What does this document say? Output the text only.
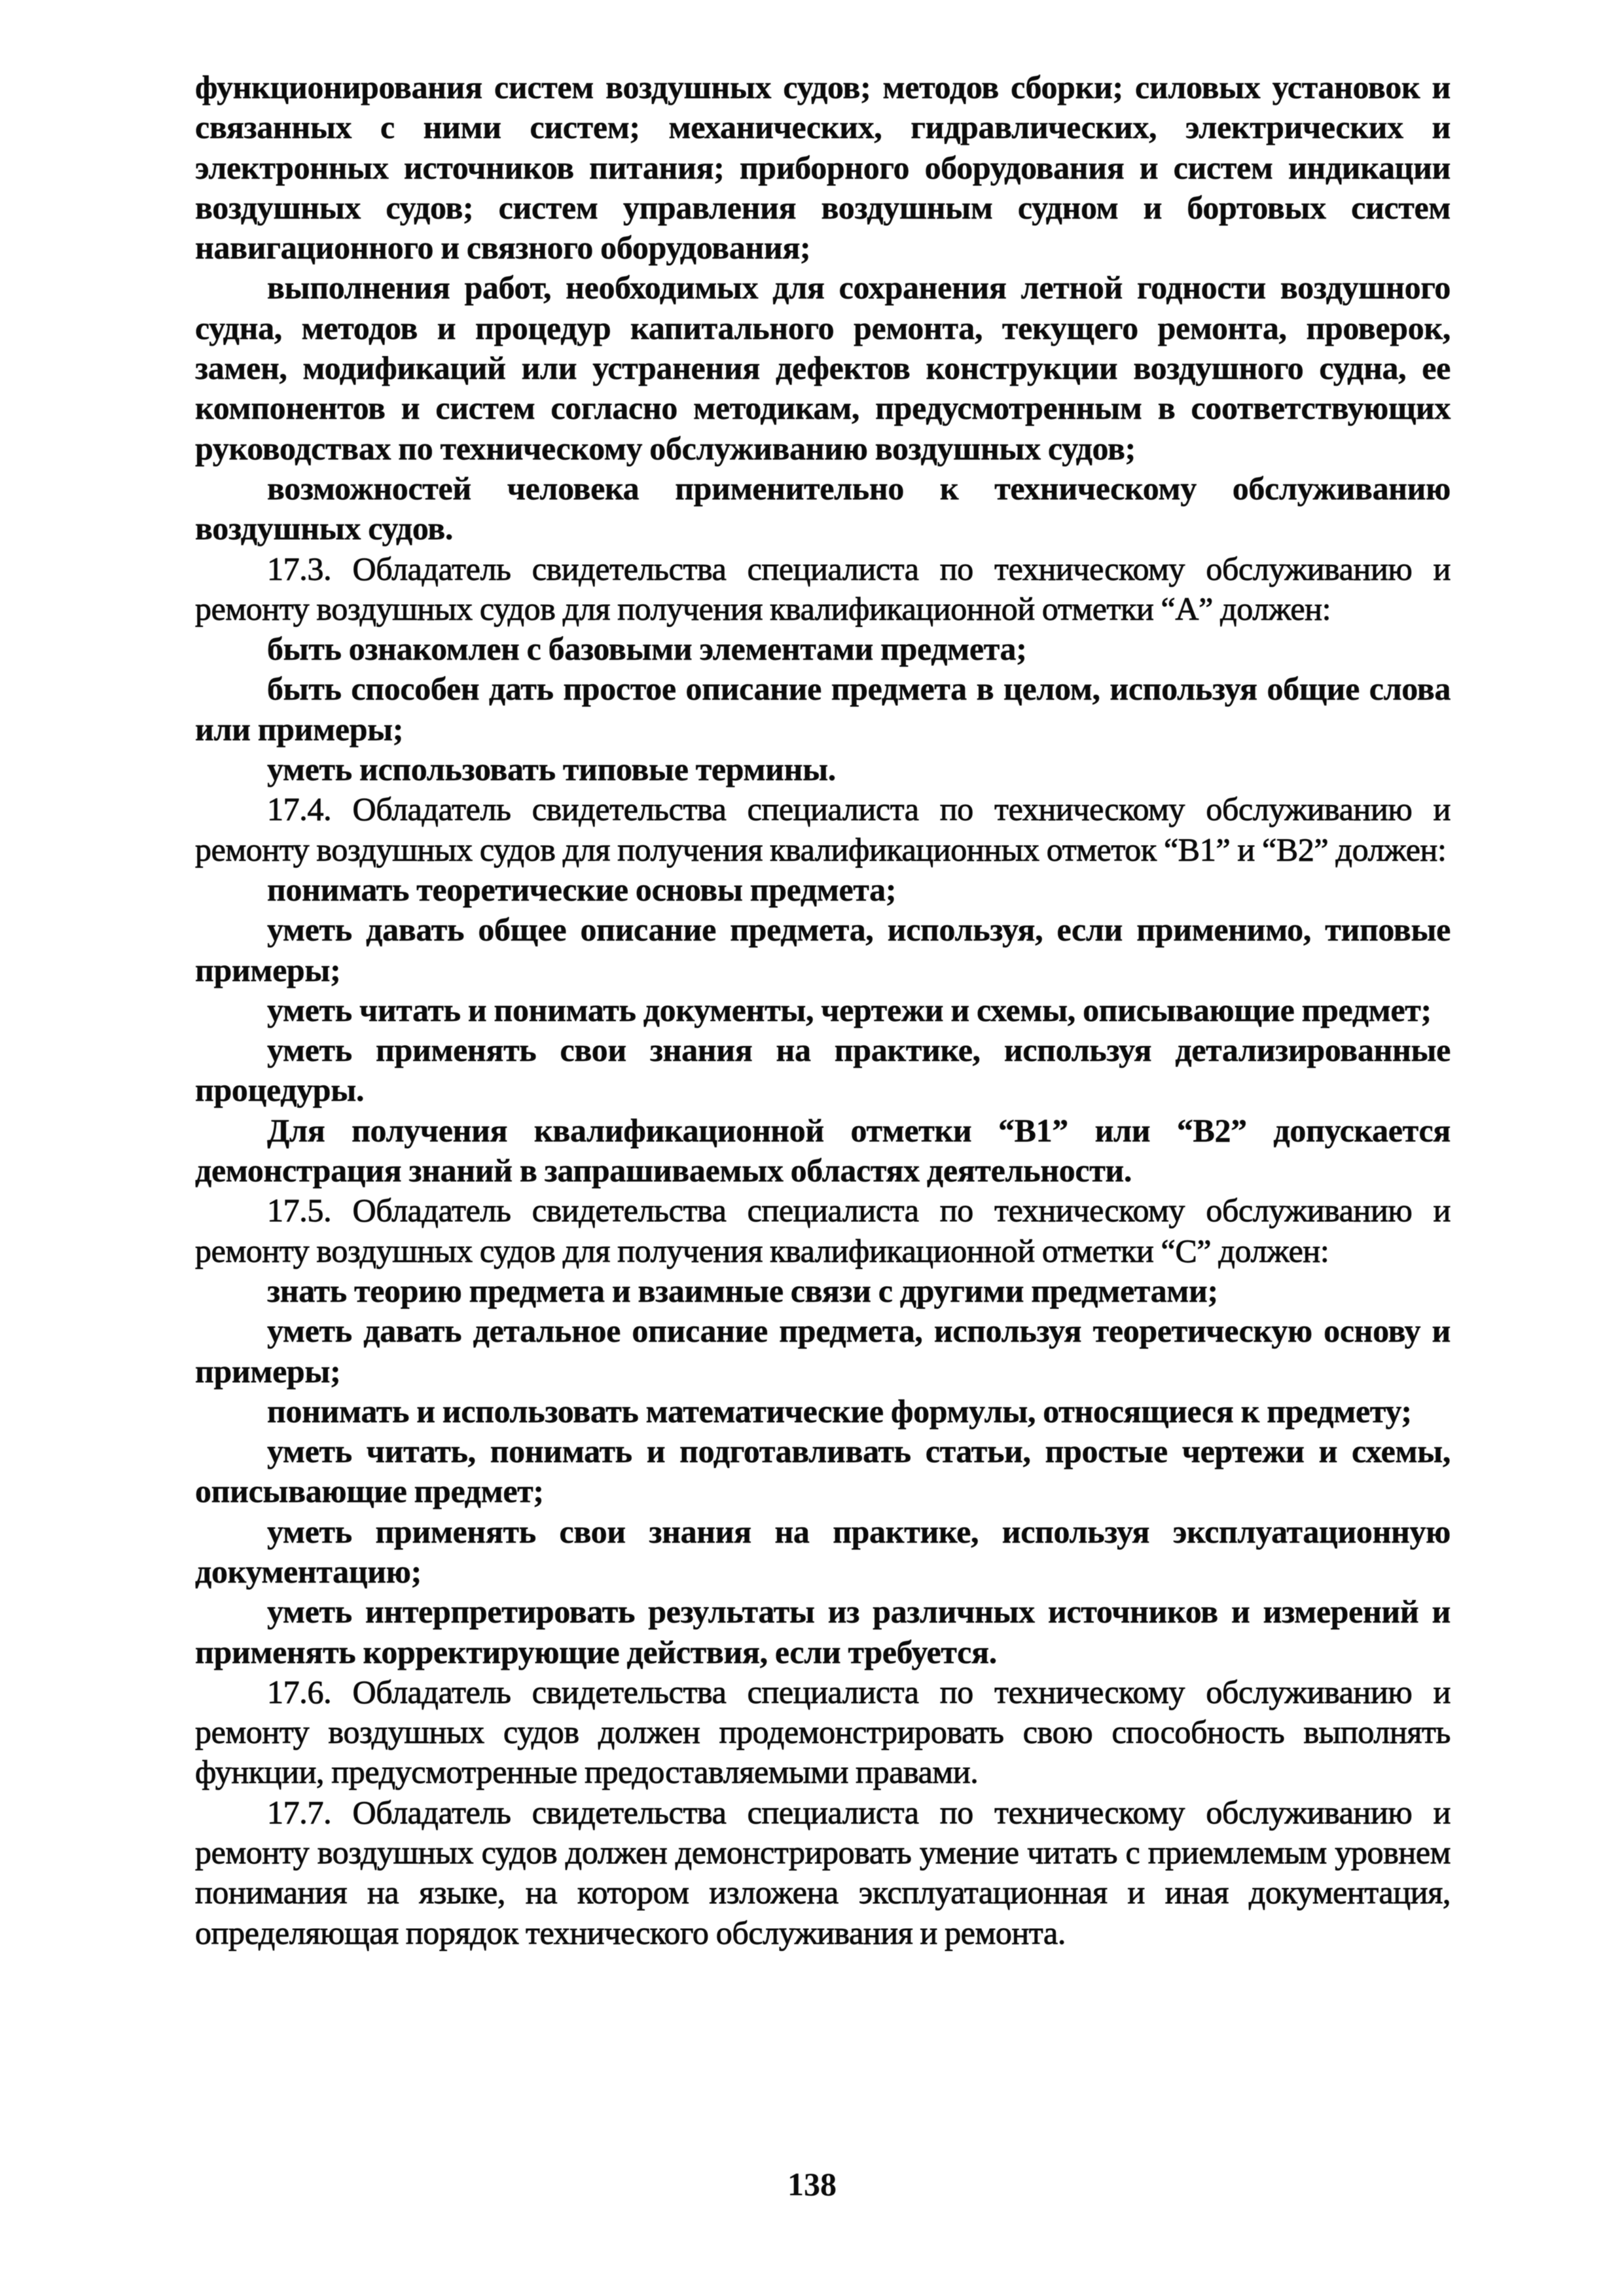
функционирования систем воздушных судов; методов сборки; силовых установок и связанных с ними систем; механических, гидравлических, электрических и электронных источников питания; приборного оборудования и систем индикации воздушных судов; систем управления воздушным судном и бортовых систем навигационного и связного оборудования;

выполнения работ, необходимых для сохранения летной годности воздушного судна, методов и процедур капитального ремонта, текущего ремонта, проверок, замен, модификаций или устранения дефектов конструкции воздушного судна, ее компонентов и систем согласно методикам, предусмотренным в соответствующих руководствах по техническому обслуживанию воздушных судов;

возможностей человека применительно к техническому обслуживанию воздушных судов.

17.3. Обладатель свидетельства специалиста по техническому обслуживанию и ремонту воздушных судов для получения квалификационной отметки “А” должен:

быть ознакомлен с базовыми элементами предмета;

быть способен дать простое описание предмета в целом, используя общие слова или примеры;

уметь использовать типовые термины.

17.4. Обладатель свидетельства специалиста по техническому обслуживанию и ремонту воздушных судов для получения квалификационных отметок “B1” и “B2” должен:

понимать теоретические основы предмета;

уметь давать общее описание предмета, используя, если применимо, типовые примеры;

уметь читать и понимать документы, чертежи и схемы, описывающие предмет;

уметь применять свои знания на практике, используя детализированные процедуры.

Для получения квалификационной отметки “B1” или “B2” допускается демонстрация знаний в запрашиваемых областях деятельности.

17.5. Обладатель свидетельства специалиста по техническому обслуживанию и ремонту воздушных судов для получения квалификационной отметки “С” должен:

знать теорию предмета и взаимные связи с другими предметами;

уметь давать детальное описание предмета, используя теоретическую основу и примеры;

понимать и использовать математические формулы, относящиеся к предмету;

уметь читать, понимать и подготавливать статьи, простые чертежи и схемы, описывающие предмет;

уметь применять свои знания на практике, используя эксплуатационную документацию;

уметь интерпретировать результаты из различных источников и измерений и применять корректирующие действия, если требуется.

17.6. Обладатель свидетельства специалиста по техническому обслуживанию и ремонту воздушных судов должен продемонстрировать свою способность выполнять функции, предусмотренные предоставляемыми правами.

17.7. Обладатель свидетельства специалиста по техническому обслуживанию и ремонту воздушных судов должен демонстрировать умение читать с приемлемым уровнем понимания на языке, на котором изложена эксплуатационная и иная документация, определяющая порядок технического обслуживания и ремонта.

138
